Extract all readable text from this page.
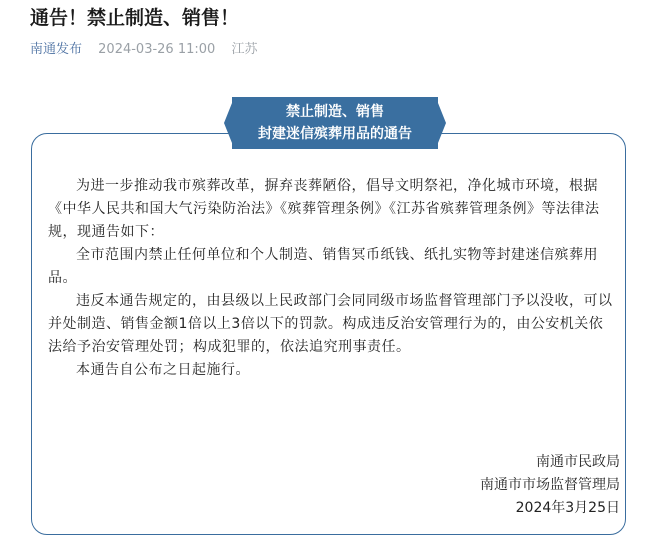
通告！禁止制造、销售！
南通发布 2024-03-26 11:00 江苏
禁止制造、销售
封建迷信殡葬用品的通告

为进一步推动我市殡葬改革，摒弃丧葬陋俗，倡导文明祭祀，净化城市环境，根据《中华人民共和国大气污染防治法》《殡葬管理条例》《江苏省殡葬管理条例》等法律法规，现通告如下：

全市范围内禁止任何单位和个人制造、销售冥币纸钱、纸扎实物等封建迷信殡葬用品。

违反本通告规定的，由县级以上民政部门会同同级市场监督管理部门予以没收，可以并处制造、销售金额1倍以上3倍以下的罚款。构成违反治安管理行为的，由公安机关依法给予治安管理处罚；构成犯罪的，依法追究刑事责任。

本通告自公布之日起施行。

南通市民政局
南通市市场监督管理局
2024年3月25日
